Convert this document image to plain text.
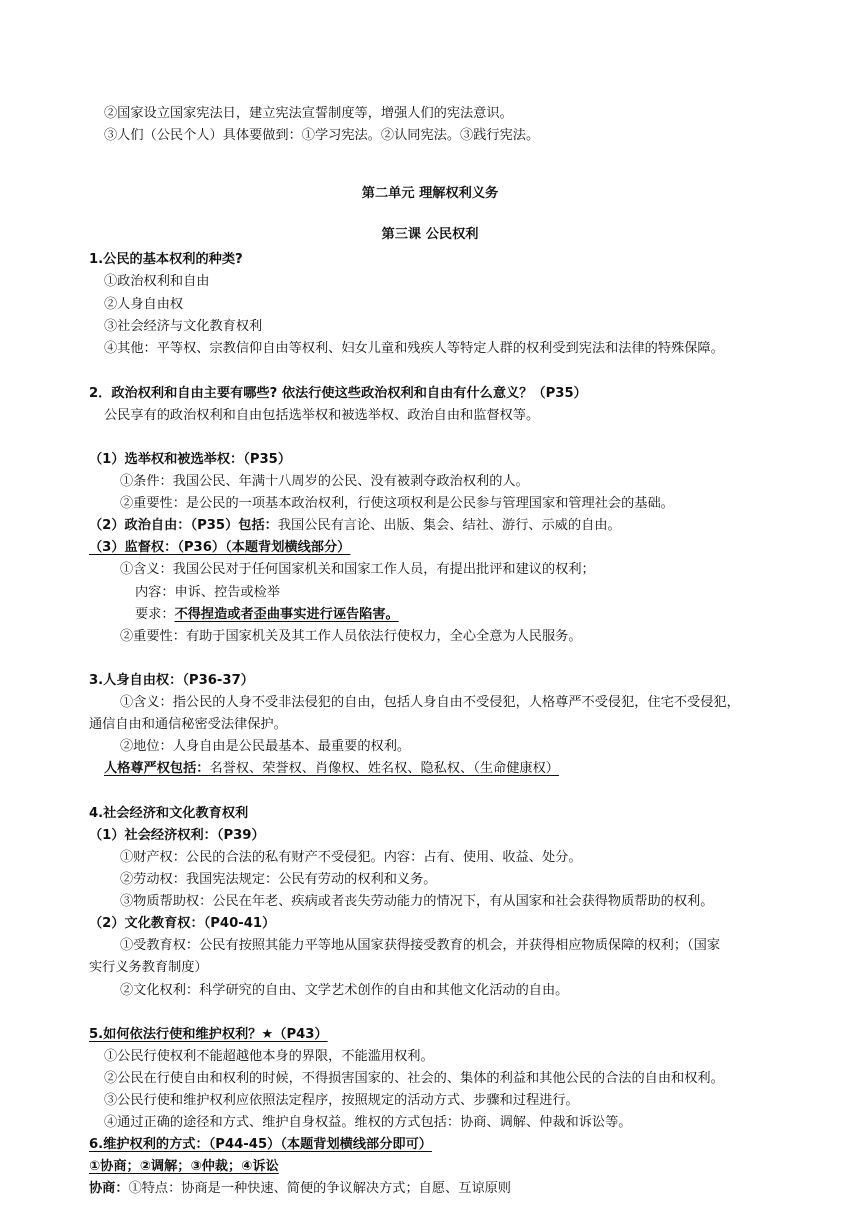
②国家设立国家宪法日，建立宪法宣誓制度等，增强人们的宪法意识。
③人们（公民个人）具体要做到：①学习宪法。②认同宪法。③践行宪法。
第二单元 理解权利义务
第三课 公民权利
1.公民的基本权利的种类?
①政治权利和自由
②人身自由权
③社会经济与文化教育权利
④其他：平等权、宗教信仰自由等权利、妇女儿童和残疾人等特定人群的权利受到宪法和法律的特殊保障。
2．政治权利和自由主要有哪些? 依法行使这些政治权利和自由有什么意义？（P35）
公民享有的政治权利和自由包括选举权和被选举权、政治自由和监督权等。
（1）选举权和被选举权：（P35）
①条件：我国公民、年满十八周岁的公民、没有被剥夺政治权利的人。
②重要性：是公民的一项基本政治权利，行使这项权利是公民参与管理国家和管理社会的基础。
（2）政治自由：（P35）包括：我国公民有言论、出版、集会、结社、游行、示威的自由。
（3）监督权：（P36）（本题背划横线部分）
①含义：我国公民对于任何国家机关和国家工作人员，有提出批评和建议的权利；
内容：申诉、控告或检举
要求：不得捏造或者歪曲事实进行诬告陷害。
②重要性：有助于国家机关及其工作人员依法行使权力，全心全意为人民服务。
3.人身自由权：（P36-37）
①含义：指公民的人身不受非法侵犯的自由，包括人身自由不受侵犯，人格尊严不受侵犯，住宅不受侵犯，
通信自由和通信秘密受法律保护。
②地位：人身自由是公民最基本、最重要的权利。
人格尊严权包括：名誉权、荣誉权、肖像权、姓名权、隐私权、（生命健康权）
4.社会经济和文化教育权利
（1）社会经济权利：（P39）
①财产权：公民的合法的私有财产不受侵犯。内容：占有、使用、收益、处分。
②劳动权：我国宪法规定：公民有劳动的权利和义务。
③物质帮助权：公民在年老、疾病或者丧失劳动能力的情况下，有从国家和社会获得物质帮助的权利。
（2）文化教育权：（P40-41）
①受教育权：公民有按照其能力平等地从国家获得接受教育的机会，并获得相应物质保障的权利；（国家
实行义务教育制度）
②文化权利：科学研究的自由、文学艺术创作的自由和其他文化活动的自由。
5.如何依法行使和维护权利？★（P43）
①公民行使权利不能超越他本身的界限，不能滥用权利。
②公民在行使自由和权利的时候，不得损害国家的、社会的、集体的利益和其他公民的合法的自由和权利。
③公民行使和维护权利应依照法定程序，按照规定的活动方式、步骤和过程进行。
④通过正确的途径和方式、维护自身权益。维权的方式包括：协商、调解、仲裁和诉讼等。
6.维护权利的方式：（P44-45）（本题背划横线部分即可）
①协商；②调解；③仲裁；④诉讼
协商：①特点：协商是一种快速、简便的争议解决方式；自愿、互谅原则
